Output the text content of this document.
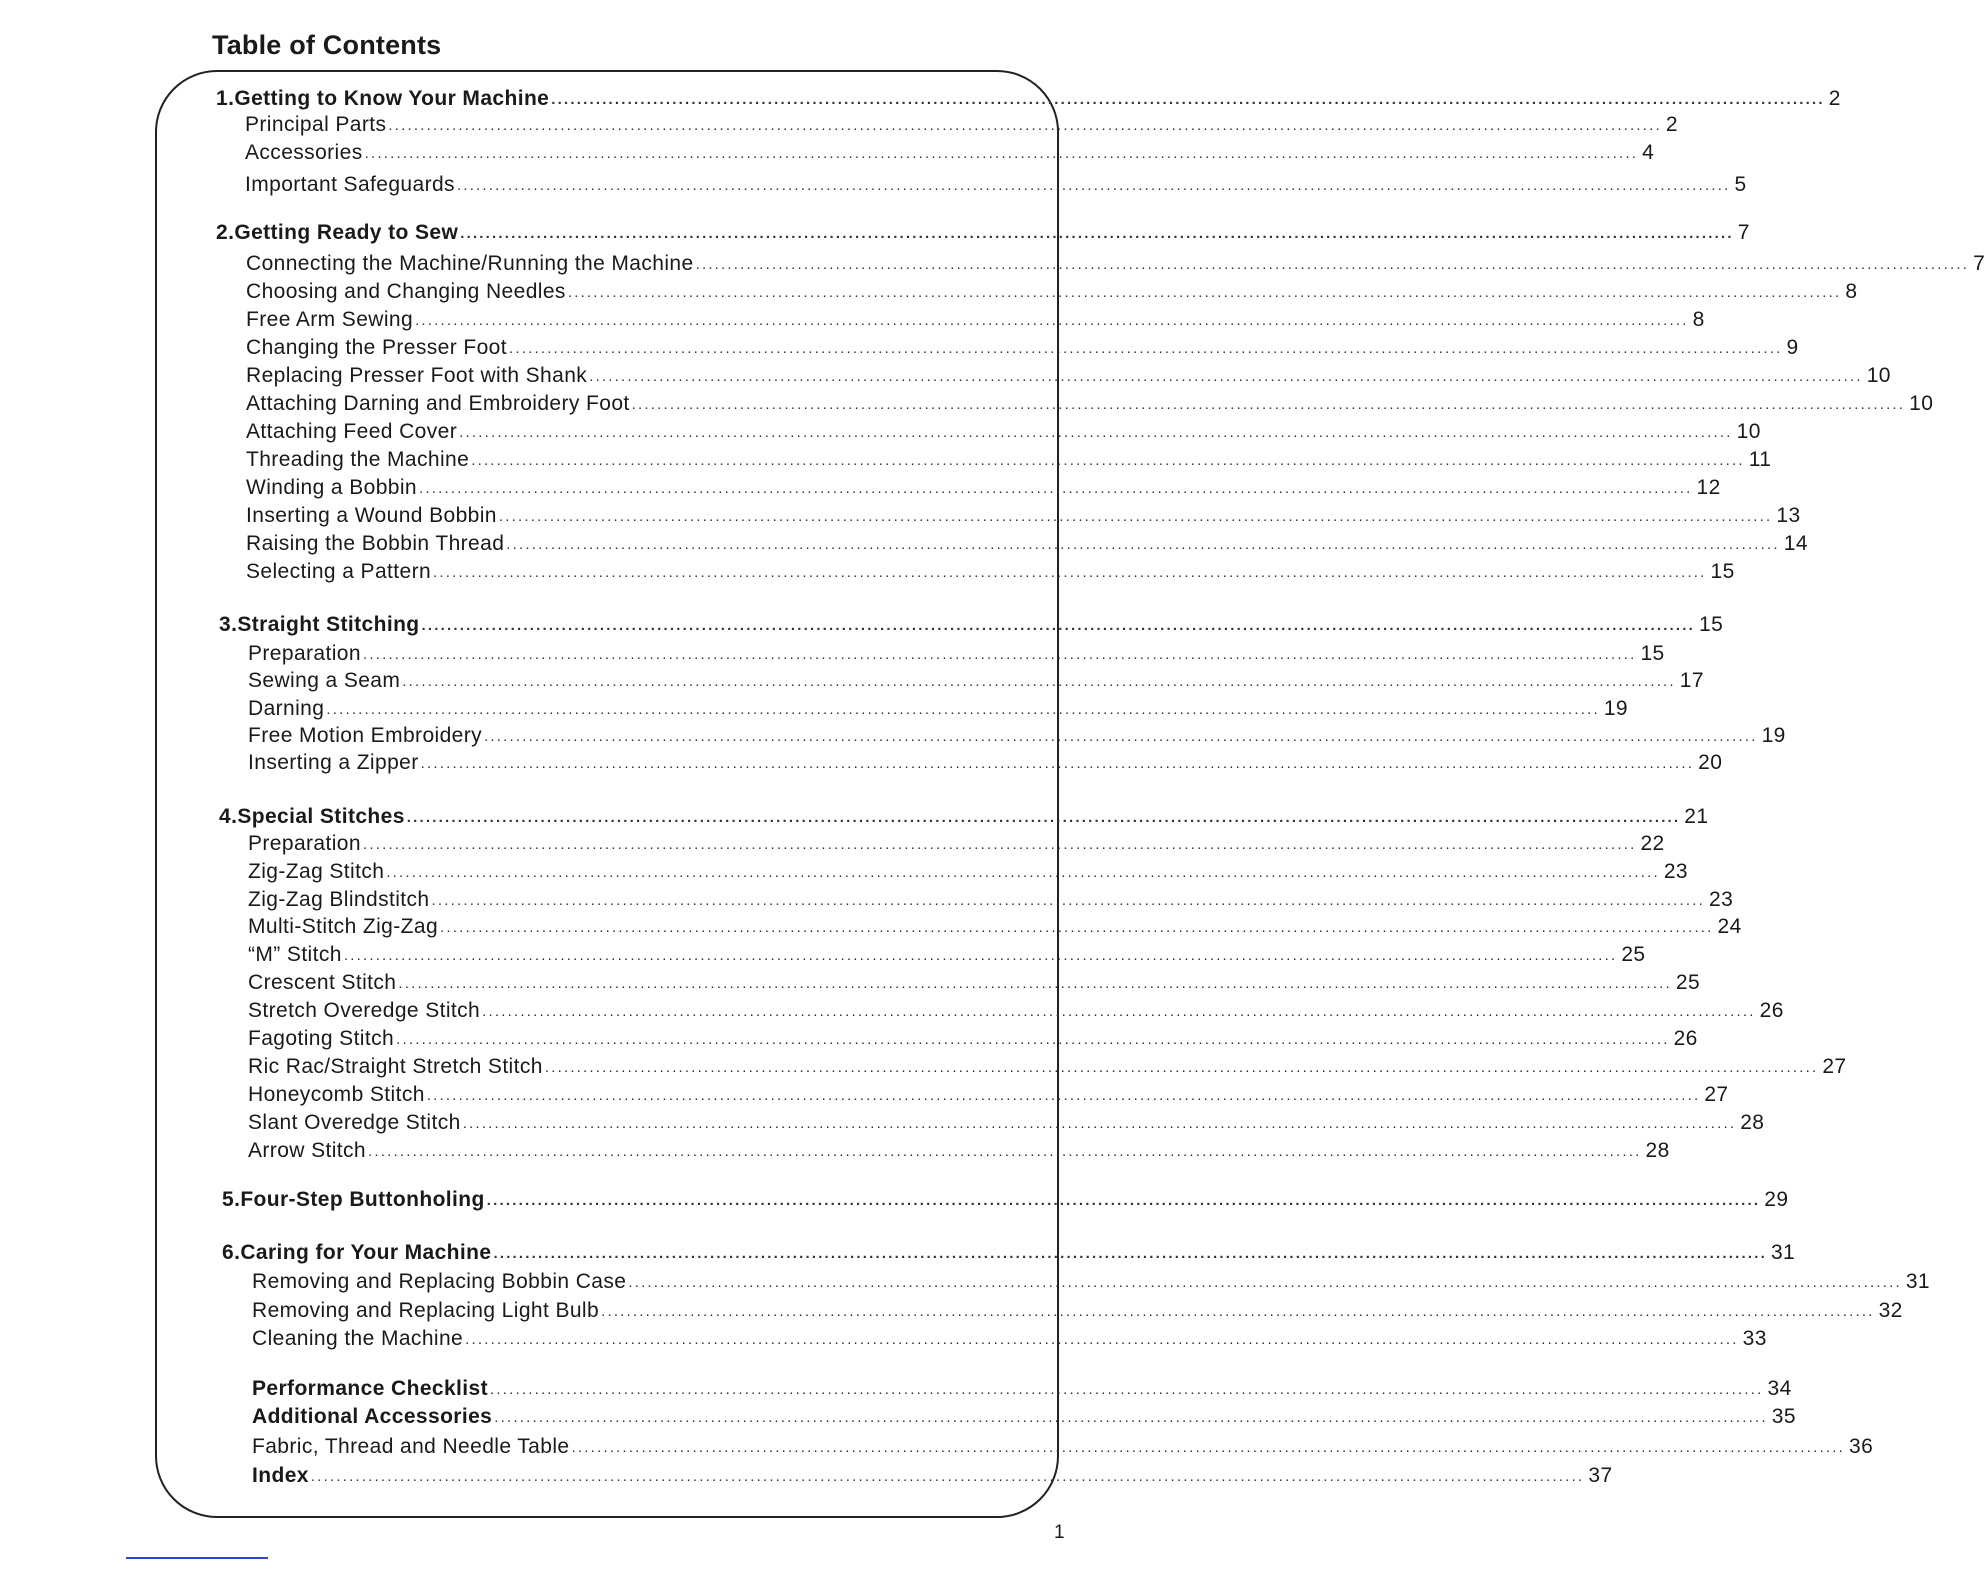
Table of Contents
1. Getting to Know Your Machine ........................................................................................................................................................................................................ 2
Principal Parts ........................................................................................................................................................................................................ 2
Accessories ........................................................................................................................................................................................................ 4
Important Safeguards ........................................................................................................................................................................................................ 5
2. Getting Ready to Sew ........................................................................................................................................................................................................ 7
Connecting the Machine/Running the Machine ........................................................................................................................................................................................................ 7
Choosing and Changing Needles ........................................................................................................................................................................................................ 8
Free Arm Sewing ........................................................................................................................................................................................................ 8
Changing the Presser Foot ........................................................................................................................................................................................................ 9
Replacing Presser Foot with Shank ........................................................................................................................................................................................................ 10
Attaching Darning and Embroidery Foot ........................................................................................................................................................................................................ 10
Attaching Feed Cover ........................................................................................................................................................................................................ 10
Threading the Machine ........................................................................................................................................................................................................ 11
Winding a Bobbin ........................................................................................................................................................................................................ 12
Inserting a Wound Bobbin ........................................................................................................................................................................................................ 13
Raising the Bobbin Thread ........................................................................................................................................................................................................ 14
Selecting a Pattern ........................................................................................................................................................................................................ 15
3. Straight Stitching ........................................................................................................................................................................................................ 15
Preparation ........................................................................................................................................................................................................ 15
Sewing a Seam ........................................................................................................................................................................................................ 17
Darning ........................................................................................................................................................................................................ 19
Free Motion Embroidery ........................................................................................................................................................................................................ 19
Inserting a Zipper ........................................................................................................................................................................................................ 20
4. Special Stitches ........................................................................................................................................................................................................ 21
Preparation ........................................................................................................................................................................................................ 22
Zig-Zag Stitch ........................................................................................................................................................................................................ 23
Zig-Zag Blindstitch ........................................................................................................................................................................................................ 23
Multi-Stitch Zig-Zag ........................................................................................................................................................................................................ 24
“M” Stitch ........................................................................................................................................................................................................ 25
Crescent Stitch ........................................................................................................................................................................................................ 25
Stretch Overedge Stitch ........................................................................................................................................................................................................ 26
Fagoting Stitch ........................................................................................................................................................................................................ 26
Ric Rac/Straight Stretch Stitch ........................................................................................................................................................................................................ 27
Honeycomb Stitch ........................................................................................................................................................................................................ 27
Slant Overedge Stitch ........................................................................................................................................................................................................ 28
Arrow Stitch ........................................................................................................................................................................................................ 28
5. Four-Step Buttonholing ........................................................................................................................................................................................................ 29
6. Caring for Your Machine ........................................................................................................................................................................................................ 31
Removing and Replacing Bobbin Case ........................................................................................................................................................................................................ 31
Removing and Replacing Light Bulb ........................................................................................................................................................................................................ 32
Cleaning the Machine ........................................................................................................................................................................................................ 33
Performance Checklist ........................................................................................................................................................................................................ 34
Additional Accessories ........................................................................................................................................................................................................ 35
Fabric, Thread and Needle Table ........................................................................................................................................................................................................ 36
Index ........................................................................................................................................................................................................ 37
1
